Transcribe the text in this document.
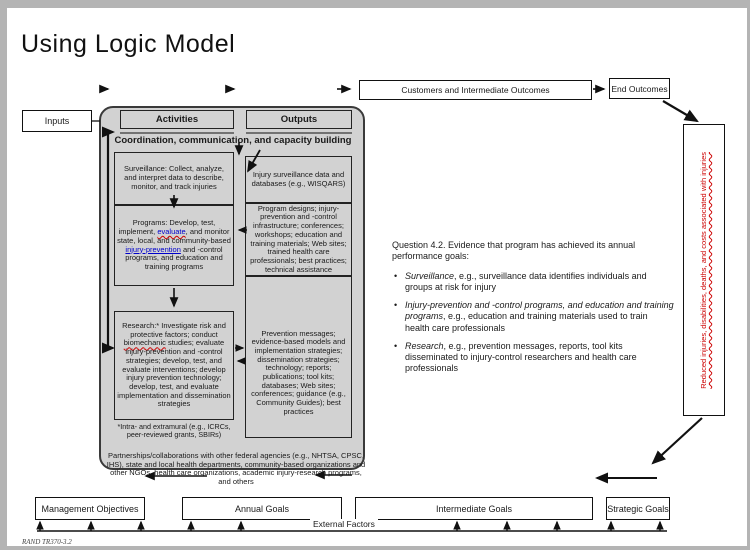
Using Logic Model
Inputs
Customers and Intermediate Outcomes	End Outcomes
Activities	Outputs
Coordination, communication, and capacity building
Surveillance: Collect, analyze, and interpret data to describe, monitor, and track injuries
Programs: Develop, test, implement, evaluate, and monitor state, local, and community-based injury-prevention and -control programs, and education and training programs
Research:* Investigate risk and protective factors; conduct biomechanic studies; evaluate injury-prevention and -control strategies; develop, test, and evaluate interventions; develop injury prevention technology; develop, test, and evaluate implementation and dissemination strategies
*Intra- and extramural (e.g., ICRCs, peer-reviewed grants, SBIRs)
Injury surveillance data and databases (e.g., WISQARS)
Program designs; injury-prevention and -control infrastructure; conferences; workshops; education and training materials; Web sites; trained health care professionals; best practices; technical assistance
Prevention messages; evidence-based models and implementation strategies; dissemination strategies; technology; reports; publications; tool kits; databases; Web sites; conferences; guidance (e.g., Community Guides); best practices
Partnerships/collaborations with other federal agencies (e.g., NHTSA, CPSC, IHS), state and local health departments, community-based organizations and other NGOs, health care organizations, academic injury-research programs, and others
Question 4.2. Evidence that program has achieved its annual performance goals:
• Surveillance, e.g., surveillance data identifies individuals and groups at risk for injury
• Injury-prevention and -control programs, and education and training programs, e.g., education and training materials used to train health care professionals
• Research, e.g., prevention messages, reports, tool kits disseminated to injury-control researchers and health care professionals	Reduced injuries, disabilities, deaths, and costs associated with injuries
Management Objectives	Annual Goals	Intermediate Goals	Strategic Goals
External Factors
RAND TR370-3.2
